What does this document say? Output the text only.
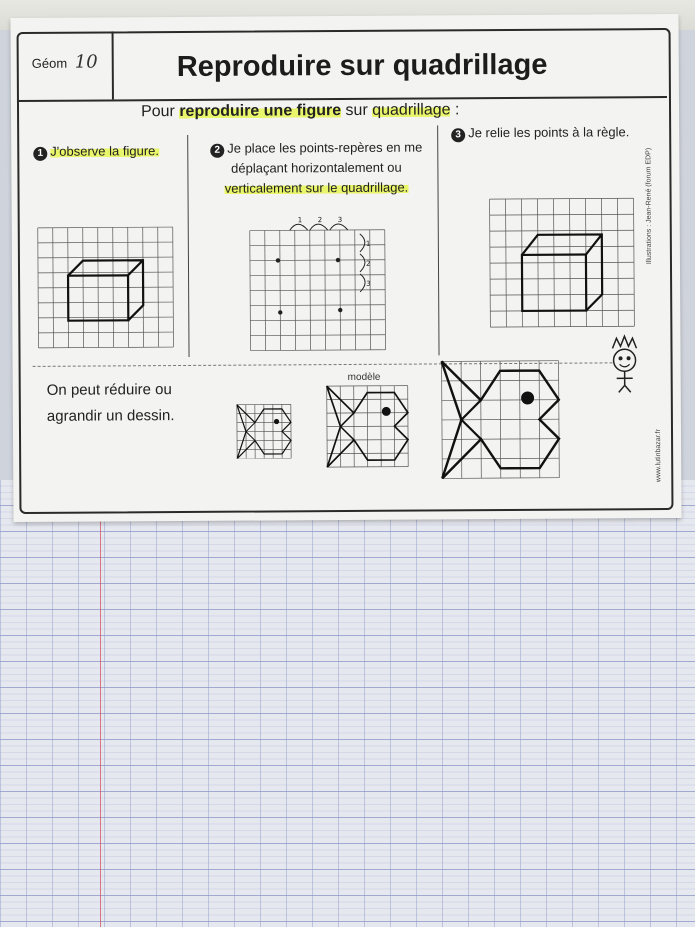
Géom 10	Reproduire sur quadrillage
Pour reproduire une figure sur quadrillage :
1 J'observe la figure.	2 Je place les points-repères en me
déplaçant horizontalement ou
verticalement sur le quadrillage.
3 Je relie les points à la règle.
1 2 3
1
2
3
On peut réduire ou
agrandir un dessin.
modèle
Illustrations : Jean-René (forum EDP)
www.lutinbazar.fr
